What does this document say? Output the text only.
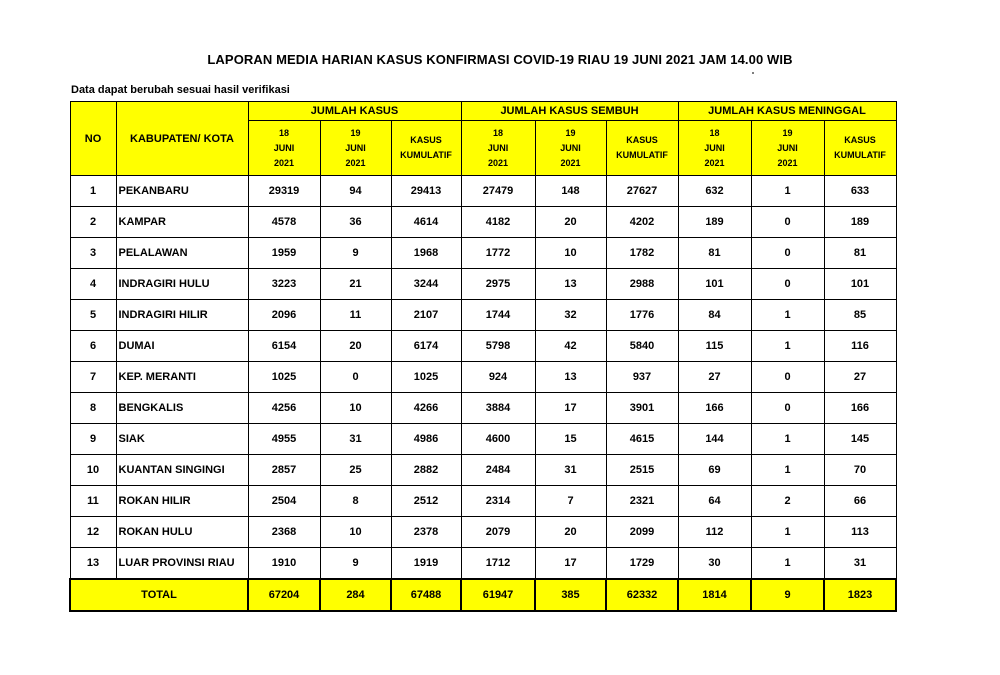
LAPORAN MEDIA HARIAN KASUS KONFIRMASI COVID-19 RIAU 19 JUNI 2021 JAM 14.00 WIB
Data dapat berubah sesuai hasil verifikasi
NO	KABUPATEN/ KOTA	JUMLAH KASUS			JUMLAH KASUS SEMBUH			JUMLAH KASUS MENINGGAL		

		18
JUNI
2021	19
JUNI
2021	KASUS
KUMULATIF	18
JUNI
2021	19
JUNI
2021	KASUS
KUMULATIF	18
JUNI
2021	19
JUNI
2021	KASUS
KUMULATIF

1	PEKANBARU	29319	94	29413	27479	148	27627	632	1	633
2	KAMPAR	4578	36	4614	4182	20	4202	189	0	189
3	PELALAWAN	1959	9	1968	1772	10	1782	81	0	81
4	INDRAGIRI HULU	3223	21	3244	2975	13	2988	101	0	101
5	INDRAGIRI HILIR	2096	11	2107	1744	32	1776	84	1	85
6	DUMAI	6154	20	6174	5798	42	5840	115	1	116
7	KEP. MERANTI	1025	0	1025	924	13	937	27	0	27
8	BENGKALIS	4256	10	4266	3884	17	3901	166	0	166
9	SIAK	4955	31	4986	4600	15	4615	144	1	145
10	KUANTAN SINGINGI	2857	25	2882	2484	31	2515	69	1	70
11	ROKAN HILIR	2504	8	2512	2314	7	2321	64	2	66
12	ROKAN HULU	2368	10	2378	2079	20	2099	112	1	113
13	LUAR PROVINSI RIAU	1910	9	1919	1712	17	1729	30	1	31
TOTAL		67204	284	67488	61947	385	62332	1814	9	1823
